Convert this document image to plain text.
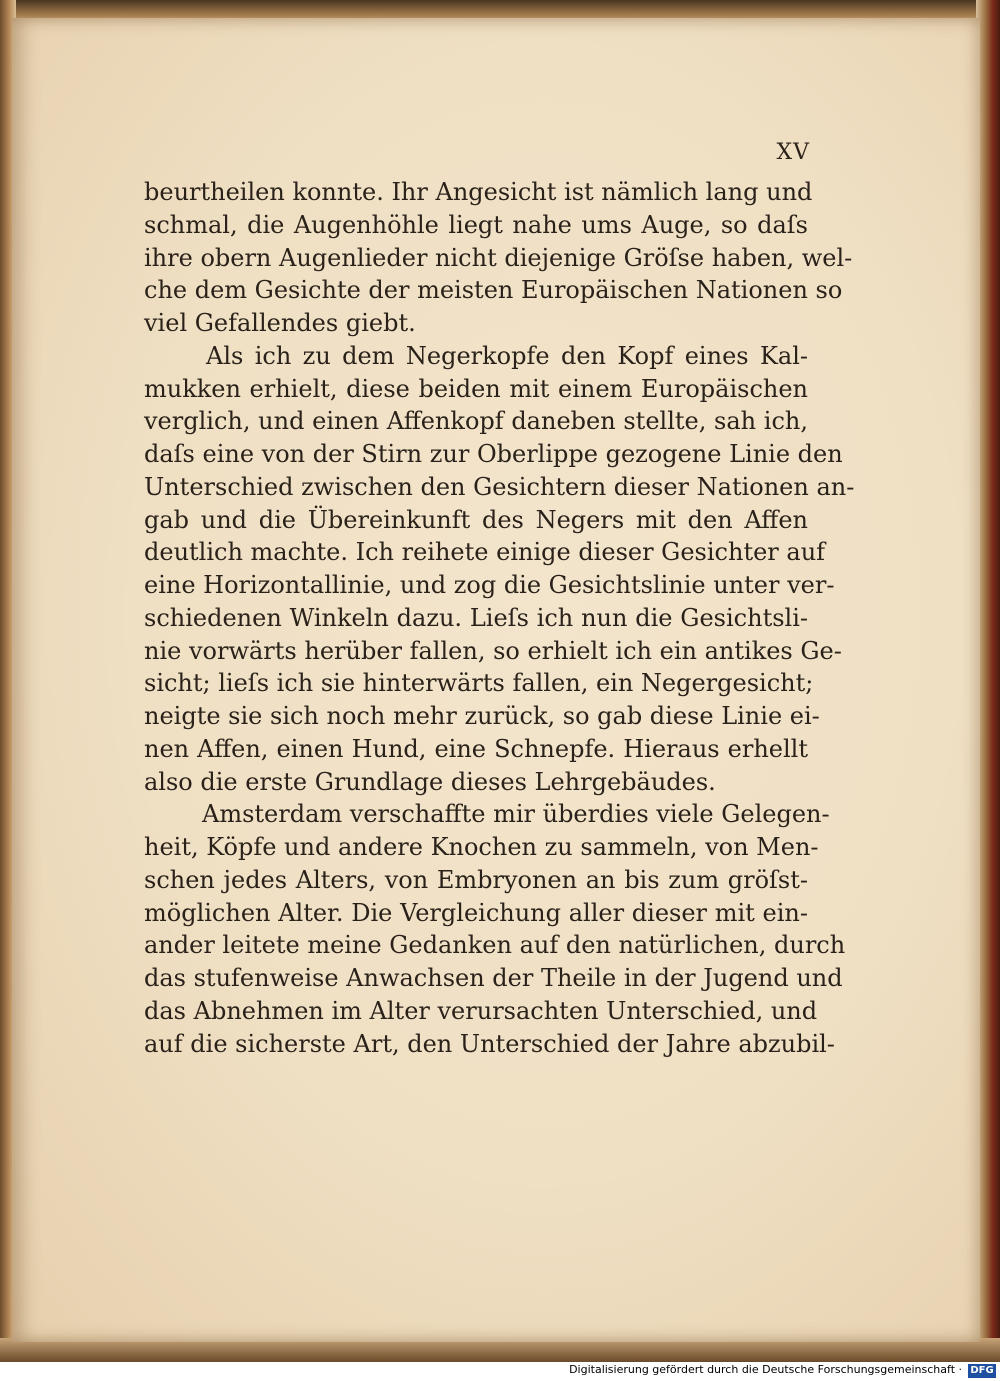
XV
beurtheilen konnte. Ihr Angesicht ist nämlich lang und
schmal, die Augenhöhle liegt nahe ums Auge, so daſs
ihre obern Augenlieder nicht diejenige Gröſse haben, wel-
che dem Gesichte der meisten Europäischen Nationen so
viel Gefallendes giebt.
Als ich zu dem Negerkopfe den Kopf eines Kal-
mukken erhielt, diese beiden mit einem Europäischen
verglich, und einen Affenkopf daneben stellte, sah ich,
daſs eine von der Stirn zur Oberlippe gezogene Linie den
Unterschied zwischen den Gesichtern dieser Nationen an-
gab und die Übereinkunft des Negers mit den Affen
deutlich machte. Ich reihete einige dieser Gesichter auf
eine Horizontallinie, und zog die Gesichtslinie unter ver-
schiedenen Winkeln dazu. Lieſs ich nun die Gesichtsli-
nie vorwärts herüber fallen, so erhielt ich ein antikes Ge-
sicht; lieſs ich sie hinterwärts fallen, ein Negergesicht;
neigte sie sich noch mehr zurück, so gab diese Linie ei-
nen Affen, einen Hund, eine Schnepfe. Hieraus erhellt
also die erste Grundlage dieses Lehrgebäudes.
Amsterdam verschaffte mir überdies viele Gelegen-
heit, Köpfe und andere Knochen zu sammeln, von Men-
schen jedes Alters, von Embryonen an bis zum gröſst-
möglichen Alter. Die Vergleichung aller dieser mit ein-
ander leitete meine Gedanken auf den natürlichen, durch
das stufenweise Anwachsen der Theile in der Jugend und
das Abnehmen im Alter verursachten Unterschied, und
auf die sicherste Art, den Unterschied der Jahre abzubil-
Digitalisierung gefördert durch die Deutsche Forschungsgemeinschaft · DFG
